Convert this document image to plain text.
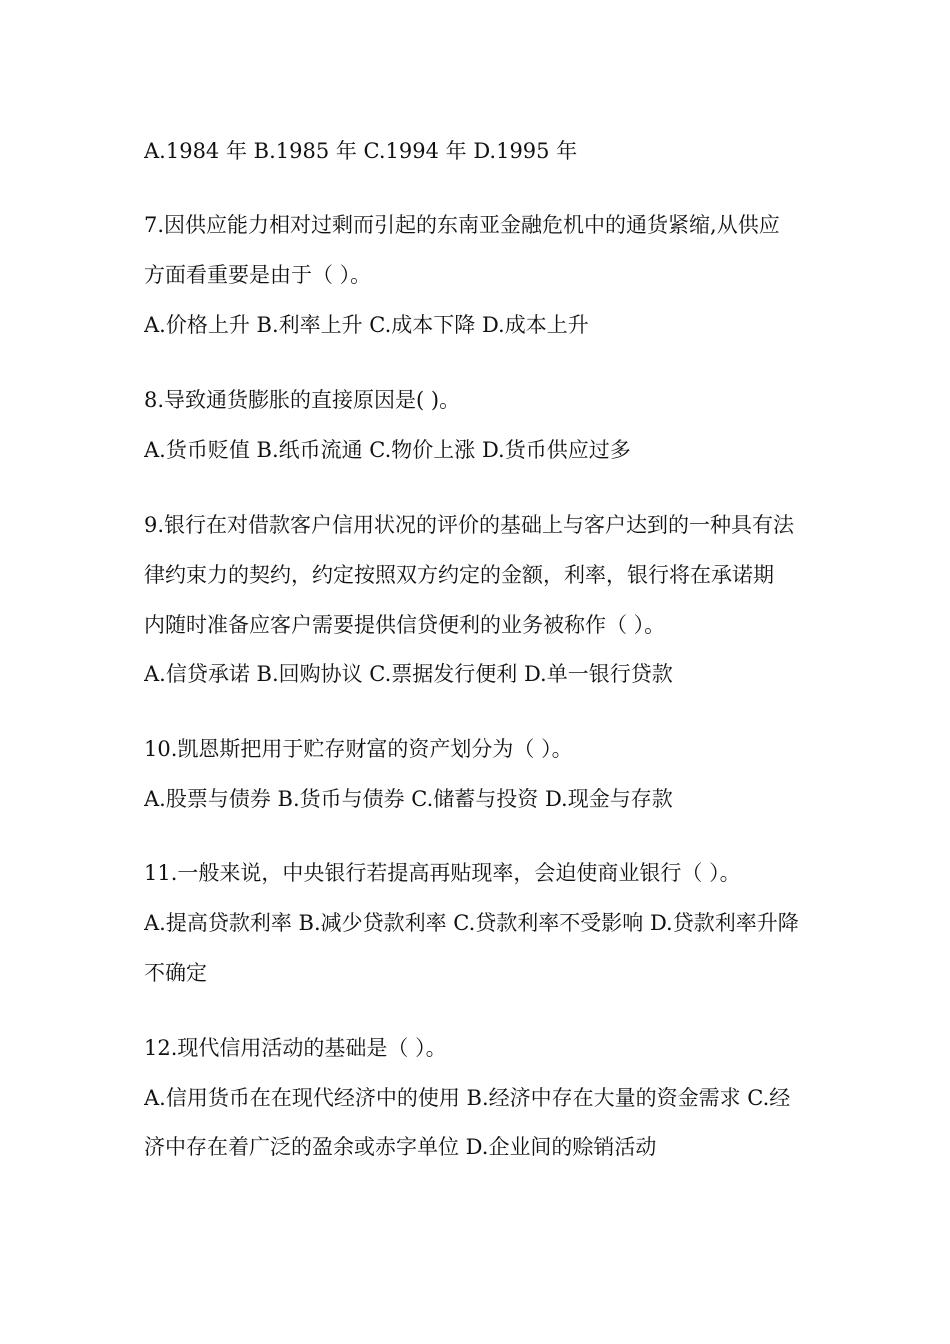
A.1984 年 B.1985 年 C.1994 年 D.1995 年
7.因供应能力相对过剩而引起的东南亚金融危机中的通货紧缩,从供应
方面看重要是由于（ ）。
A.价格上升 B.利率上升 C.成本下降 D.成本上升
8.导致通货膨胀的直接原因是( )。
A.货币贬值 B.纸币流通 C.物价上涨 D.货币供应过多
9.银行在对借款客户信用状况的评价的基础上与客户达到的一种具有法
律约束力的契约，约定按照双方约定的金额，利率，银行将在承诺期
内随时准备应客户需要提供信贷便利的业务被称作（ ）。
A.信贷承诺 B.回购协议 C.票据发行便利 D.单一银行贷款
10.凯恩斯把用于贮存财富的资产划分为（ ）。
A.股票与债券 B.货币与债券 C.储蓄与投资 D.现金与存款
11.一般来说，中央银行若提高再贴现率，会迫使商业银行（ ）。
A.提高贷款利率 B.减少贷款利率 C.贷款利率不受影响 D.贷款利率升降
不确定
12.现代信用活动的基础是（ ）。
A.信用货币在在现代经济中的使用 B.经济中存在大量的资金需求 C.经
济中存在着广泛的盈余或赤字单位 D.企业间的赊销活动
